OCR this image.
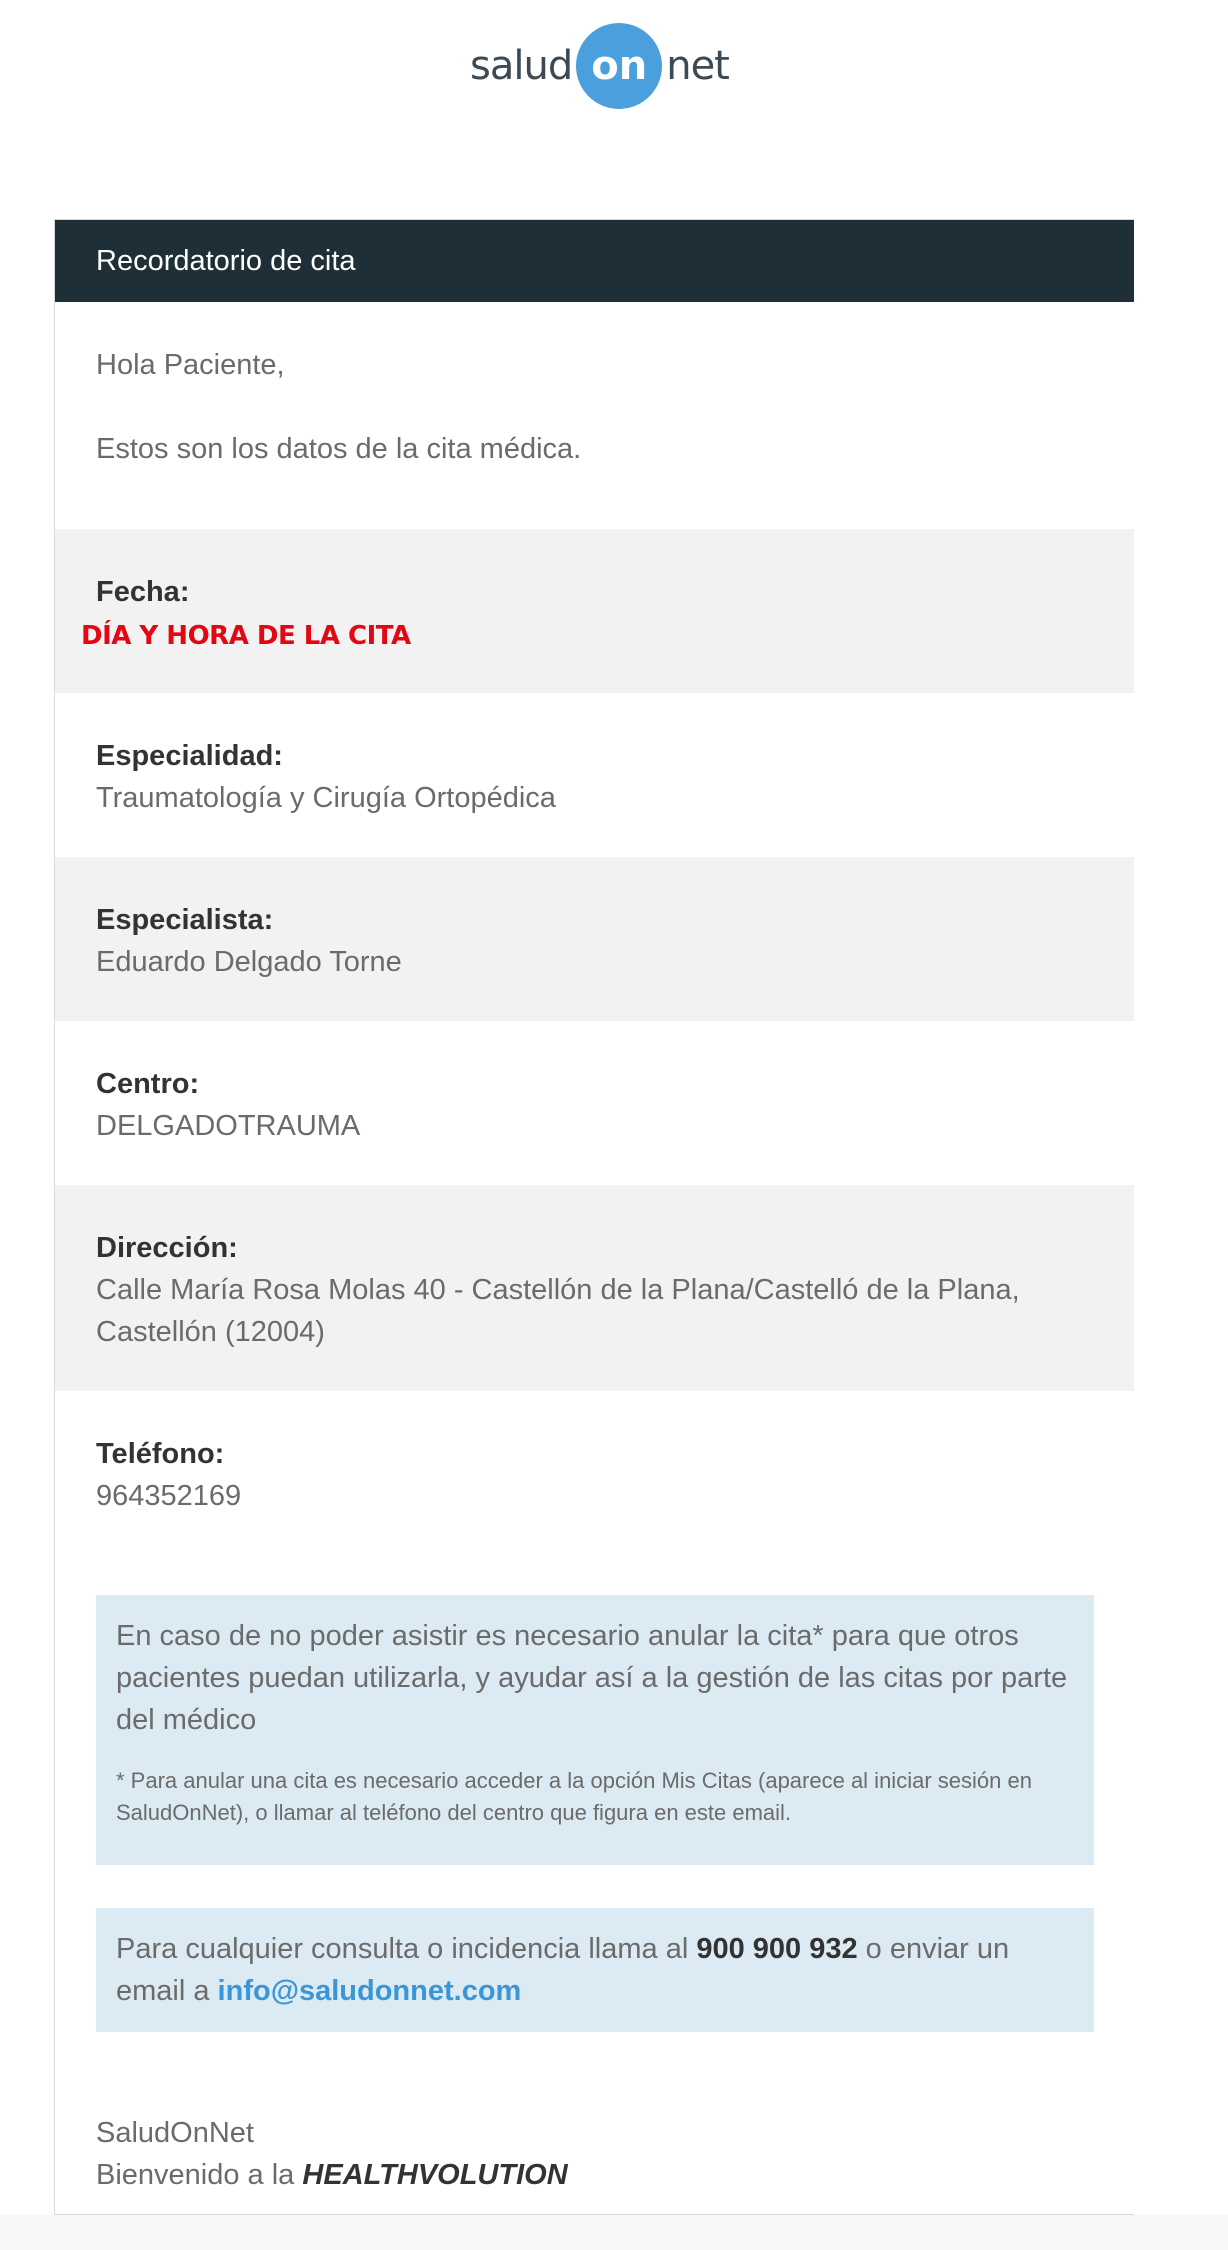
salud on net
Recordatorio de cita

Hola Paciente,

Estos son los datos de la cita médica.

Fecha:
DÍA Y HORA DE LA CITA
Especialidad:
Traumatología y Cirugía Ortopédica
Especialista:
Eduardo Delgado Torne
Centro:
DELGADOTRAUMA
Dirección:
Calle María Rosa Molas 40 - Castellón de la Plana/Castelló de la Plana, Castellón (12004)
Teléfono:
964352169

En caso de no poder asistir es necesario anular la cita* para que otros pacientes puedan utilizarla, y ayudar así a la gestión de las citas por parte del médico

* Para anular una cita es necesario acceder a la opción Mis Citas (aparece al iniciar sesión en SaludOnNet), o llamar al teléfono del centro que figura en este email.
Para cualquier consulta o incidencia llama al 900 900 932 o enviar un email a info@saludonnet.com
SaludOnNet
Bienvenido a la HEALTHVOLUTION
